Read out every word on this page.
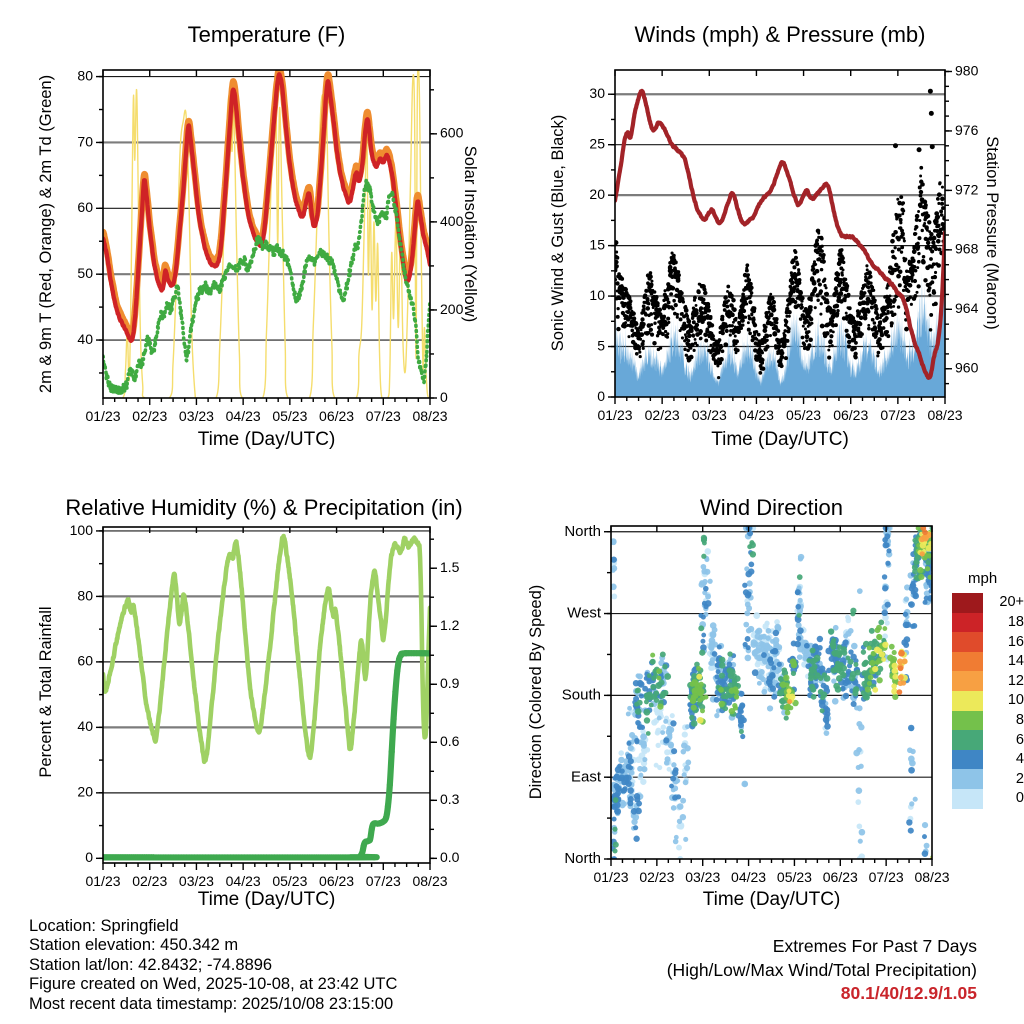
Temperature (F)	Winds (mph) & Pressure (mb)
Relative Humidity (%) & Precipitation (in)	Wind Direction
Time (Day/UTC)	Time (Day/UTC)
Time (Day/UTC)	Time (Day/UTC)
2m & 9m T (Red, Orange) & 2m Td (Green)	Solar Insolation (Yellow)	Sonic Wind & Gust (Blue, Black)	Station Pressure (Maroon)
Percent & Total Rainfall	Direction (Colored By Speed)
mph
20+
18
16
14
12
10
8
6
4
2
0
Location: Springfield
Station elevation: 450.342 m
Station lat/lon: 42.8432; -74.8896
Figure created on Wed, 2025-10-08, at 23:42 UTC
Most recent data timestamp: 2025/10/08 23:15:00
Extremes For Past 7 Days
(High/Low/Max Wind/Total Precipitation)
80.1/40/12.9/1.05
